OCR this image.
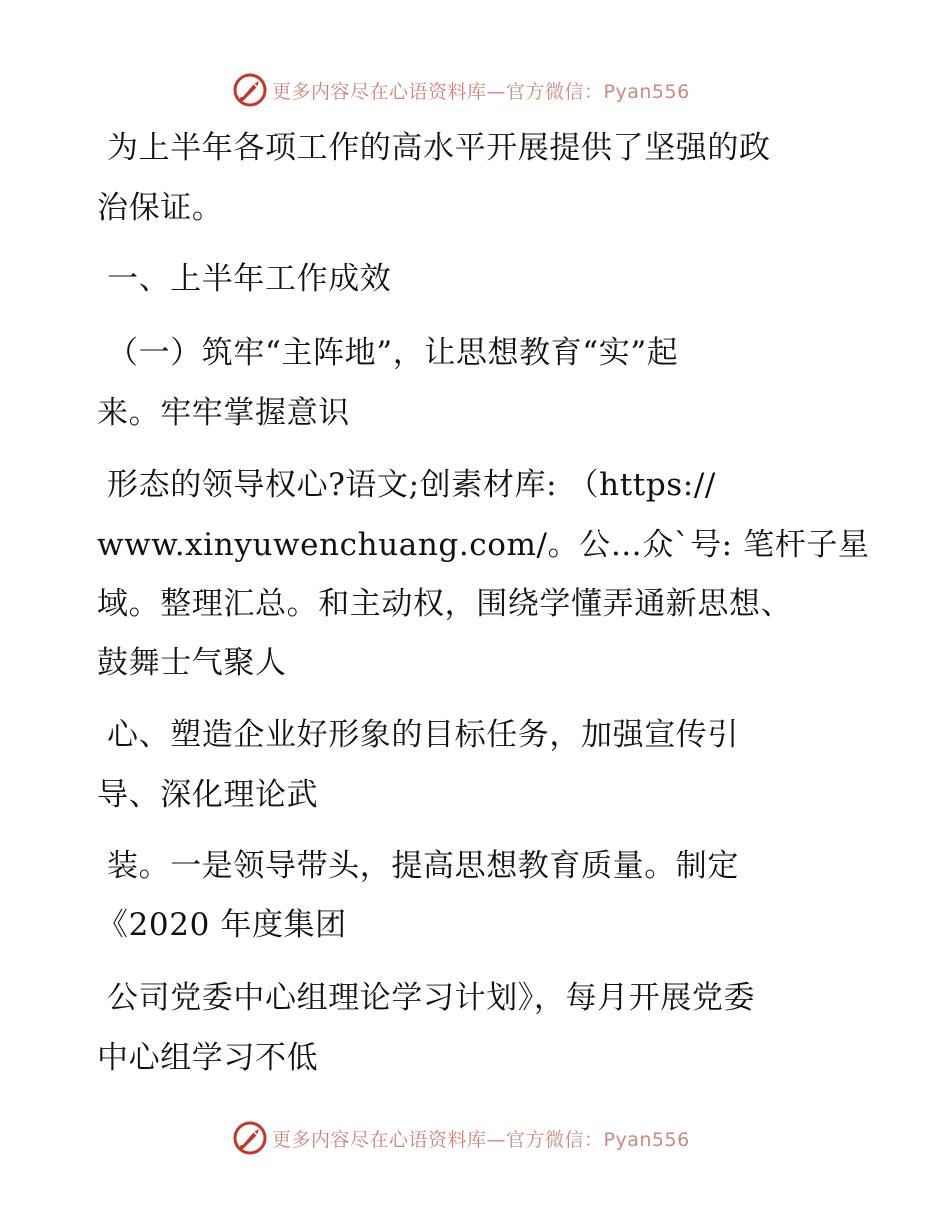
更多内容尽在心语资料库—官方微信：Pyan556
为上半年各项工作的高水平开展提供了坚强的政
治保证。
一、上半年工作成效
（一）筑牢“主阵地”，让思想教育“实”起
来。牢牢掌握意识
形态的领导权心?语文;创素材库: （https://
www.xinyuwenchuang.com/。公…众`号: 笔杆子星
域。整理汇总。和主动权，围绕学懂弄通新思想、
鼓舞士气聚人
心、塑造企业好形象的目标任务，加强宣传引
导、深化理论武
装。一是领导带头，提高思想教育质量。制定
《2020 年度集团
公司党委中心组理论学习计划》，每月开展党委
中心组学习不低
更多内容尽在心语资料库—官方微信：Pyan556
